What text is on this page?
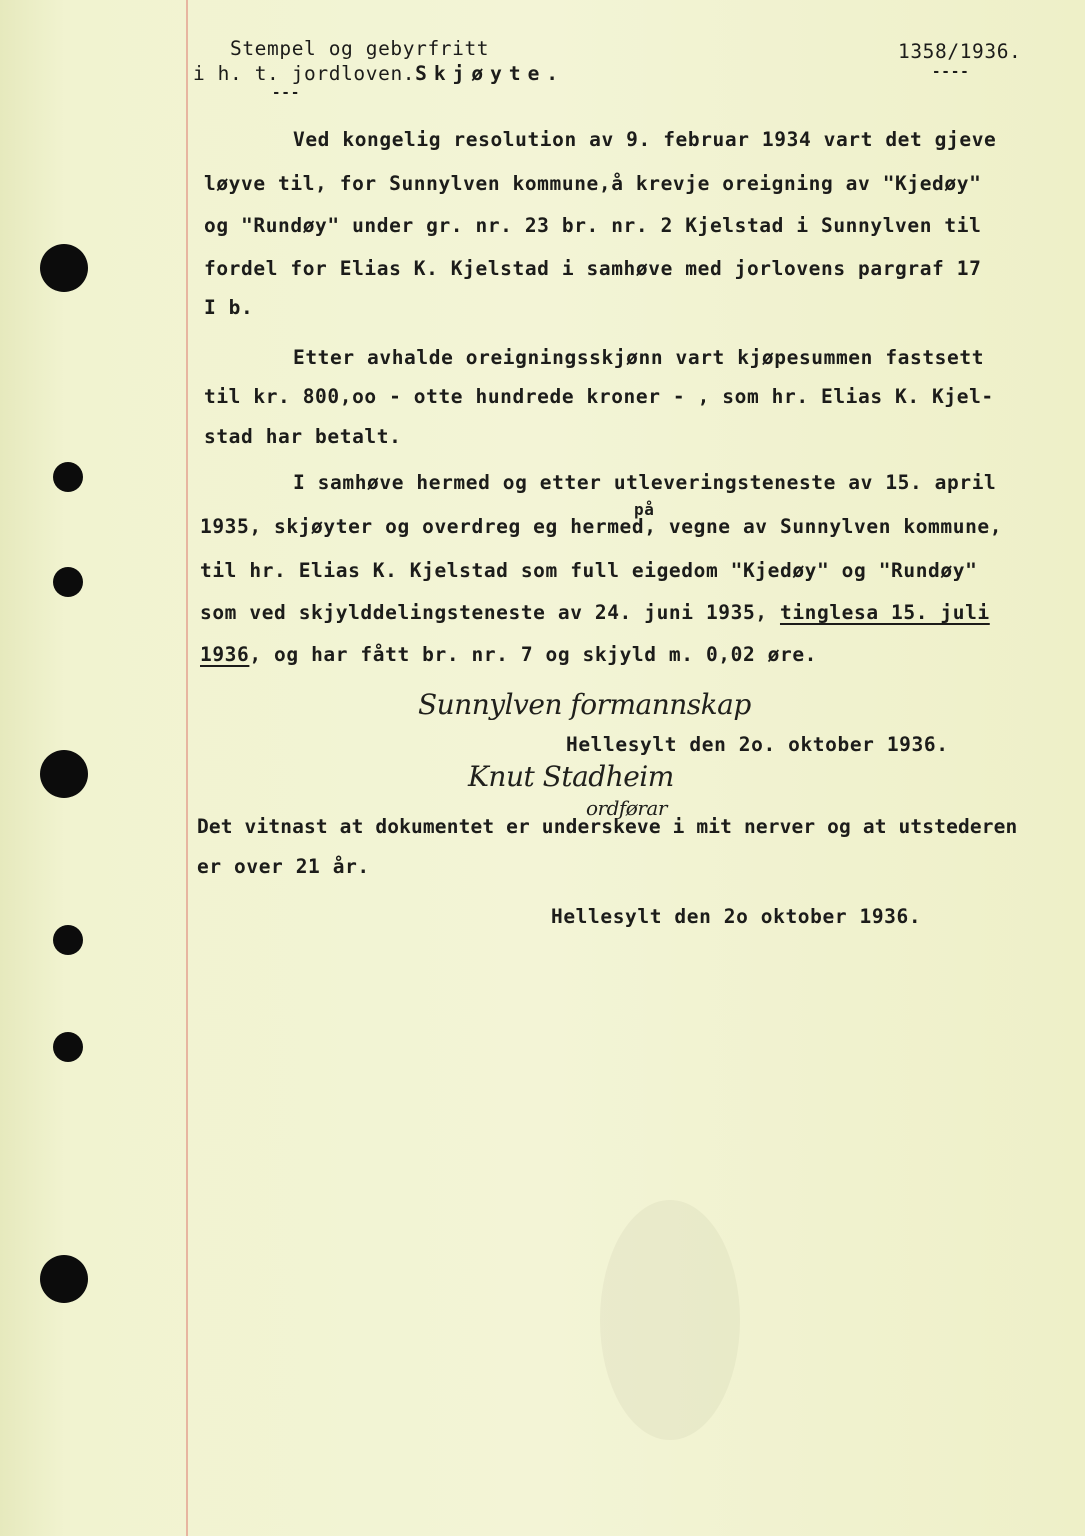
Stempel og gebyrfritt
i h. t. jordloven.Skjøyte.
---
1358/1936.
----
Ved kongelig resolution av 9. februar 1934 vart det gjeve
løyve til, for Sunnylven kommune,å krevje oreigning av "Kjedøy"
og "Rundøy" under gr. nr. 23 br. nr. 2 Kjelstad i Sunnylven til
fordel for Elias K. Kjelstad i samhøve med jorlovens pargraf 17
I b.
Etter avhalde oreigningsskjønn vart kjøpesummen fastsett
til kr. 800,oo - otte hundrede kroner - , som hr. Elias K. Kjel-
stad har betalt.
I samhøve hermed og etter utleveringsteneste av 15. april
på
1935, skjøyter og overdreg eg hermed, vegne av Sunnylven kommune,
til hr. Elias K. Kjelstad som full eigedom "Kjedøy" og "Rundøy"
som ved skjylddelingsteneste av 24. juni 1935, tinglesa 15. juli
1936, og har fått br. nr. 7 og skjyld m. 0,02 øre.
Sunnylven formannskap
Hellesylt den 2o. oktober 1936.
Knut Stadheim
ordførar
Det vitnast at dokumentet er underskeve i mit nerver og at utstederen
er over 21 år.
Hellesylt den 2o oktober 1936.
